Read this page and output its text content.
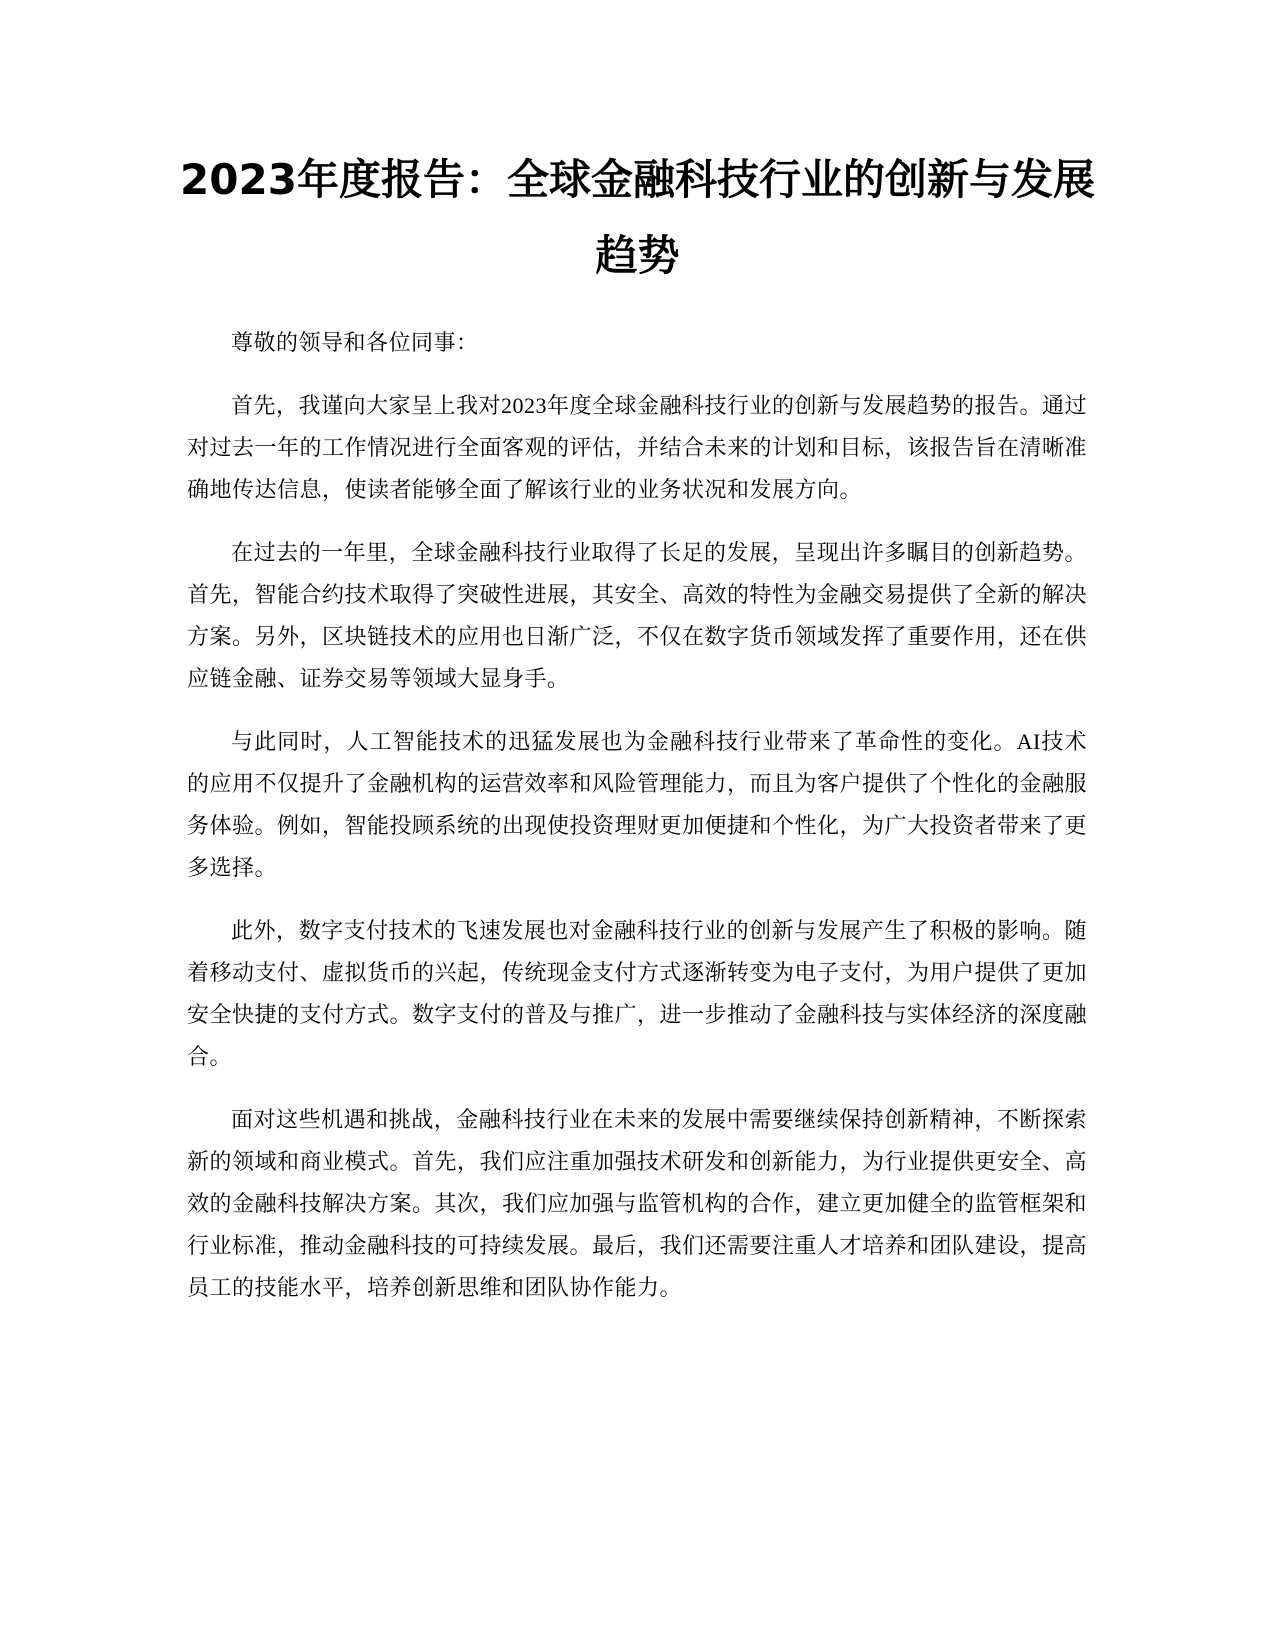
2023年度报告：全球金融科技行业的创新与发展趋势

尊敬的领导和各位同事：

首先，我谨向大家呈上我对2023年度全球金融科技行业的创新与发展趋势的报告。通过对过去一年的工作情况进行全面客观的评估，并结合未来的计划和目标，该报告旨在清晰准确地传达信息，使读者能够全面了解该行业的业务状况和发展方向。

在过去的一年里，全球金融科技行业取得了长足的发展，呈现出许多瞩目的创新趋势。首先，智能合约技术取得了突破性进展，其安全、高效的特性为金融交易提供了全新的解决方案。另外，区块链技术的应用也日渐广泛，不仅在数字货币领域发挥了重要作用，还在供应链金融、证券交易等领域大显身手。

与此同时，人工智能技术的迅猛发展也为金融科技行业带来了革命性的变化。AI技术的应用不仅提升了金融机构的运营效率和风险管理能力，而且为客户提供了个性化的金融服务体验。例如，智能投顾系统的出现使投资理财更加便捷和个性化，为广大投资者带来了更多选择。

此外，数字支付技术的飞速发展也对金融科技行业的创新与发展产生了积极的影响。随着移动支付、虚拟货币的兴起，传统现金支付方式逐渐转变为电子支付，为用户提供了更加安全快捷的支付方式。数字支付的普及与推广，进一步推动了金融科技与实体经济的深度融合。

面对这些机遇和挑战，金融科技行业在未来的发展中需要继续保持创新精神，不断探索新的领域和商业模式。首先，我们应注重加强技术研发和创新能力，为行业提供更安全、高效的金融科技解决方案。其次，我们应加强与监管机构的合作，建立更加健全的监管框架和行业标准，推动金融科技的可持续发展。最后，我们还需要注重人才培养和团队建设，提高员工的技能水平，培养创新思维和团队协作能力。
